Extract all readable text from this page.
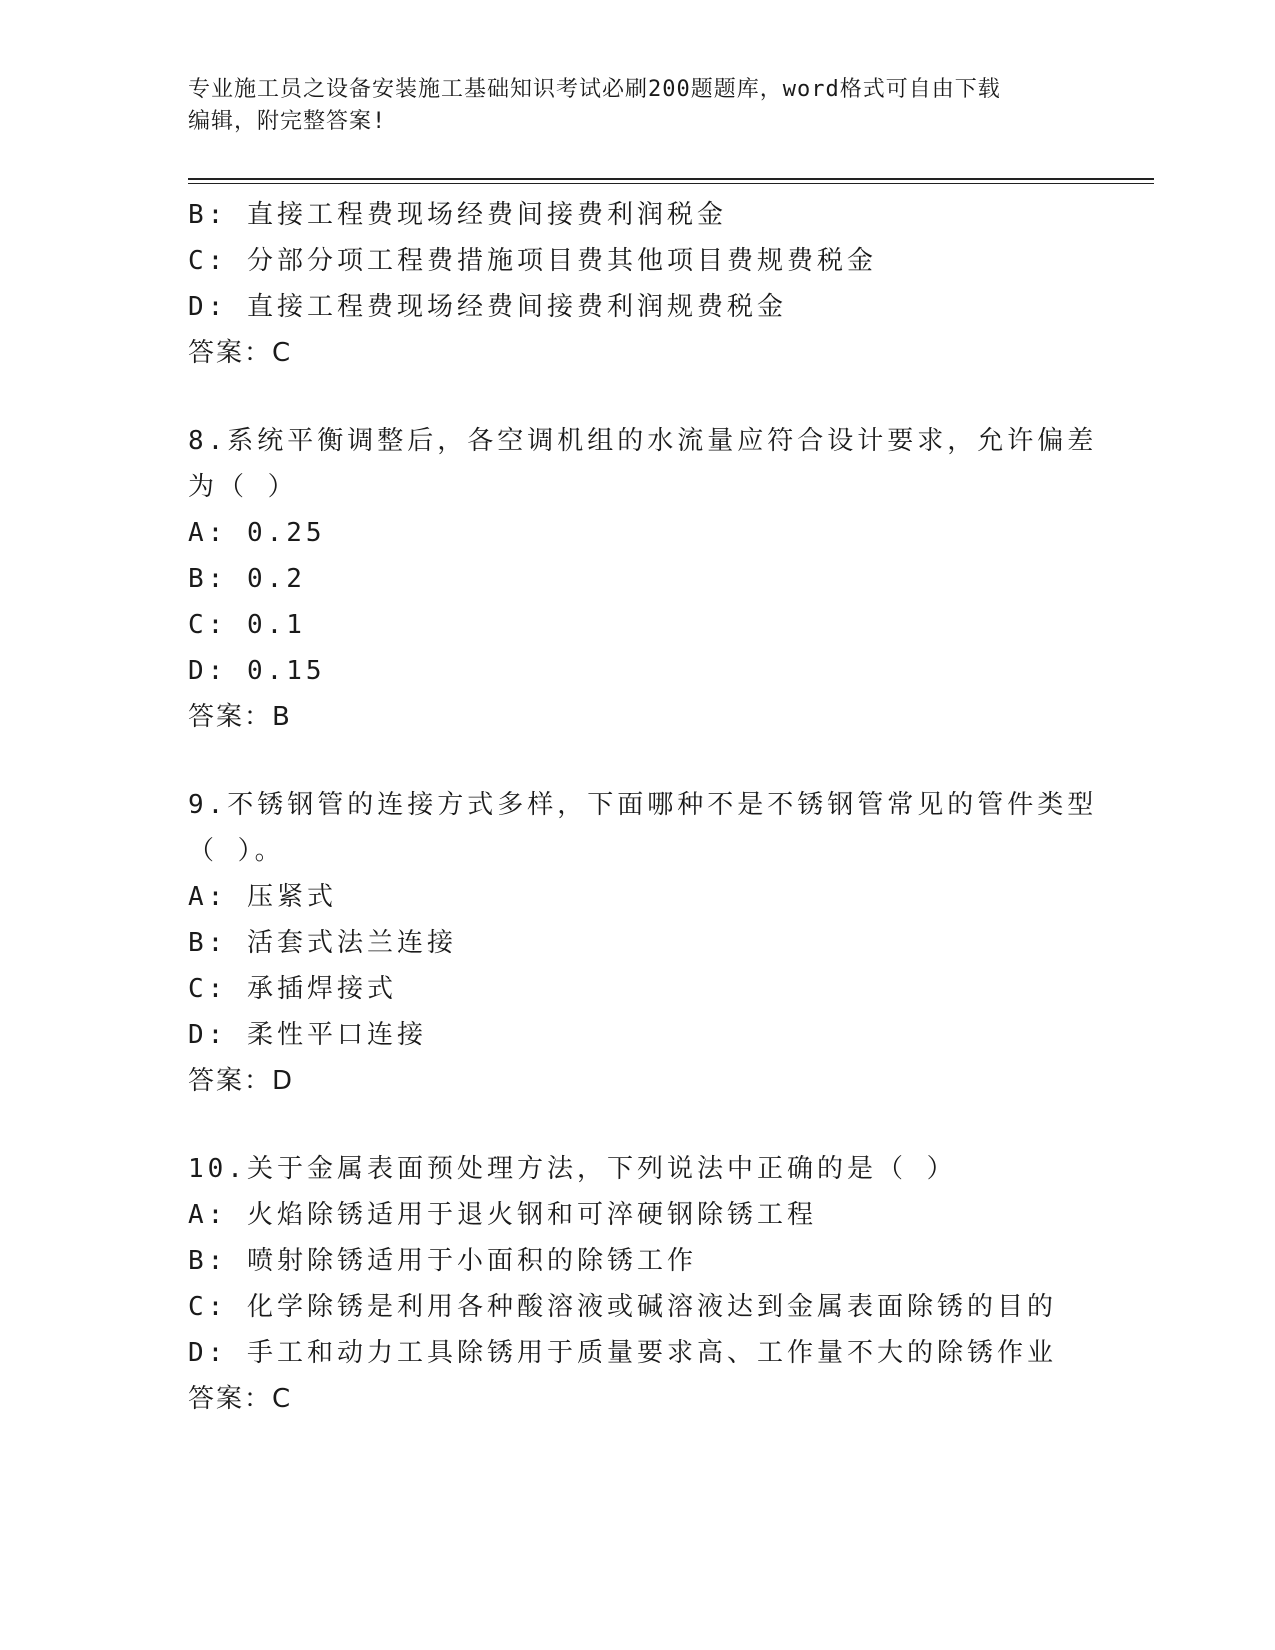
专业施工员之设备安装施工基础知识考试必刷200题题库，word格式可自由下载
编辑，附完整答案!
B: 直接工程费现场经费间接费利润税金
C: 分部分项工程费措施项目费其他项目费规费税金
D: 直接工程费现场经费间接费利润规费税金
答案：C
8.系统平衡调整后，各空调机组的水流量应符合设计要求，允许偏差
为（ ）
A: 0.25
B: 0.2
C: 0.1
D: 0.15
答案：B
9.不锈钢管的连接方式多样，下面哪种不是不锈钢管常见的管件类型
（ ）。
A: 压紧式
B: 活套式法兰连接
C: 承插焊接式
D: 柔性平口连接
答案：D
10.关于金属表面预处理方法，下列说法中正确的是（ ）
A: 火焰除锈适用于退火钢和可淬硬钢除锈工程
B: 喷射除锈适用于小面积的除锈工作
C: 化学除锈是利用各种酸溶液或碱溶液达到金属表面除锈的目的
D: 手工和动力工具除锈用于质量要求高、工作量不大的除锈作业
答案：C
